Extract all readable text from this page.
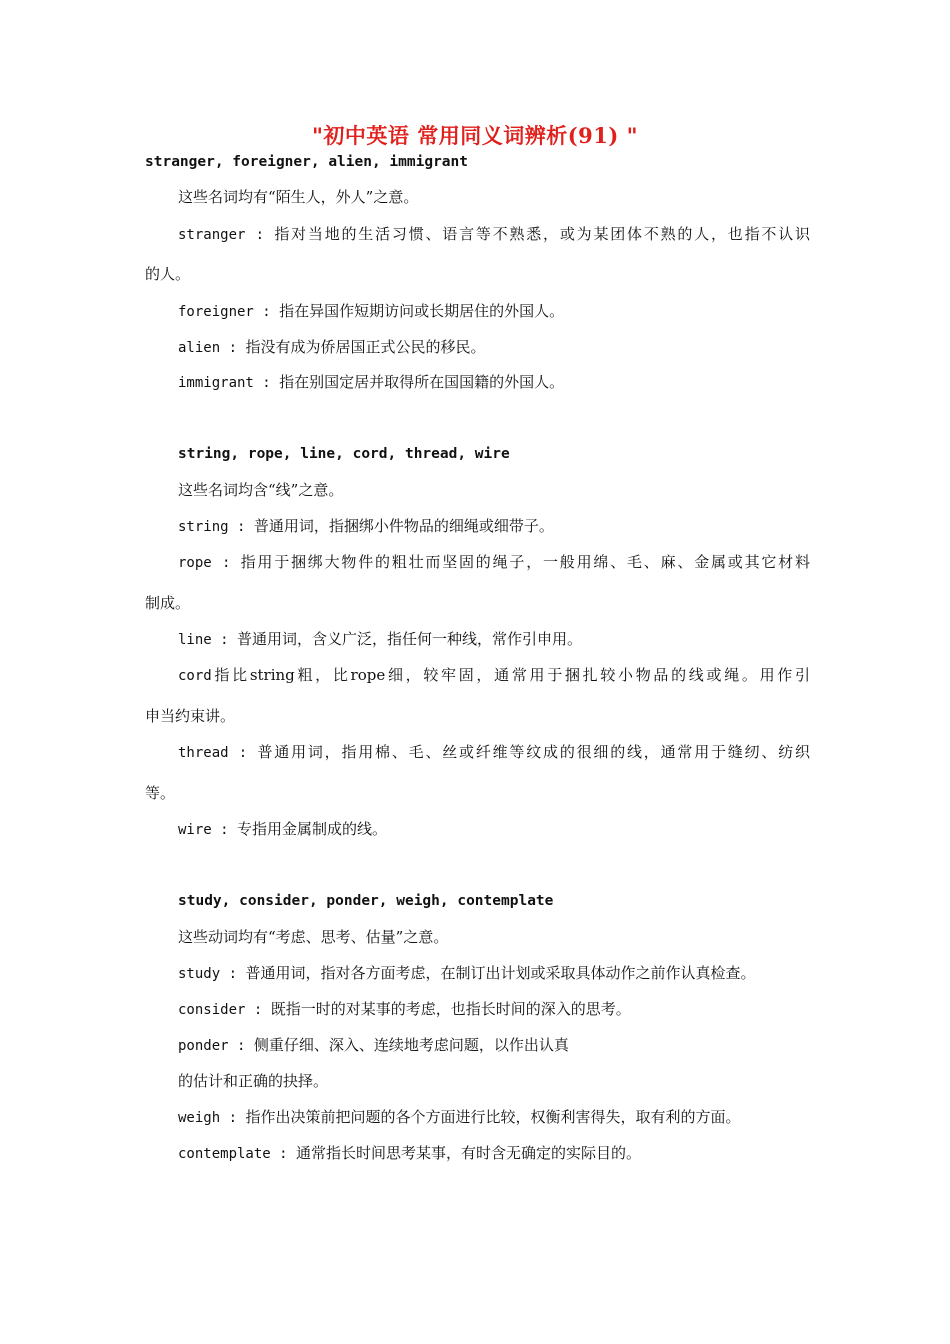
"初中英语 常用同义词辨析(91) "
stranger, foreigner, alien, immigrant
这些名词均有“陌生人，外人”之意。
stranger : 指对当地的生活习惯、语言等不熟悉，或为某团体不熟的人，也指不认识
的人。
foreigner : 指在异国作短期访问或长期居住的外国人。
alien : 指没有成为侨居国正式公民的移民。
immigrant : 指在别国定居并取得所在国国籍的外国人。
string, rope, line, cord, thread, wire
这些名词均含“线”之意。
string : 普通用词，指捆绑小件物品的细绳或细带子。
rope : 指用于捆绑大物件的粗壮而坚固的绳子，一般用绵、毛、麻、金属或其它材料
制成。
line : 普通用词，含义广泛，指任何一种线，常作引申用。
cord指比string粗，比rope细，较牢固，通常用于捆扎较小物品的线或绳。用作引
申当约束讲。
thread : 普通用词，指用棉、毛、丝或纤维等纹成的很细的线，通常用于缝纫、纺织
等。
wire : 专指用金属制成的线。
study, consider, ponder, weigh, contemplate
这些动词均有“考虑、思考、估量”之意。
study : 普通用词，指对各方面考虑，在制订出计划或采取具体动作之前作认真检查。
consider : 既指一时的对某事的考虑，也指长时间的深入的思考。
ponder : 侧重仔细、深入、连续地考虑问题，以作出认真
的估计和正确的抉择。
weigh : 指作出决策前把问题的各个方面进行比较，权衡利害得失，取有利的方面。
contemplate : 通常指长时间思考某事，有时含无确定的实际目的。
